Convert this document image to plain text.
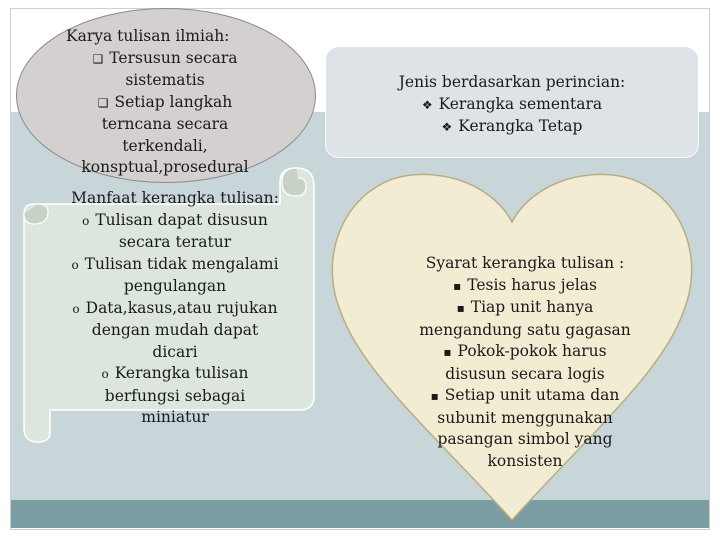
Karya tulisan ilmiah:
❑ Tersusun secara
sistematis
❑ Setiap langkah
terncana secara
terkendali,
konsptual,prosedural
Jenis berdasarkan perincian:
❖ Kerangka sementara
❖ Kerangka Tetap
Manfaat kerangka tulisan:
o Tulisan dapat disusun
secara teratur
o Tulisan tidak mengalami
pengulangan
o Data,kasus,atau rujukan
dengan mudah dapat
dicari
o Kerangka tulisan
berfungsi sebagai
miniatur
Syarat kerangka tulisan :
▪ Tesis harus jelas
▪ Tiap unit hanya
mengandung satu gagasan
▪ Pokok-pokok harus
disusun secara logis
▪ Setiap unit utama dan
subunit menggunakan
pasangan simbol yang
konsisten
